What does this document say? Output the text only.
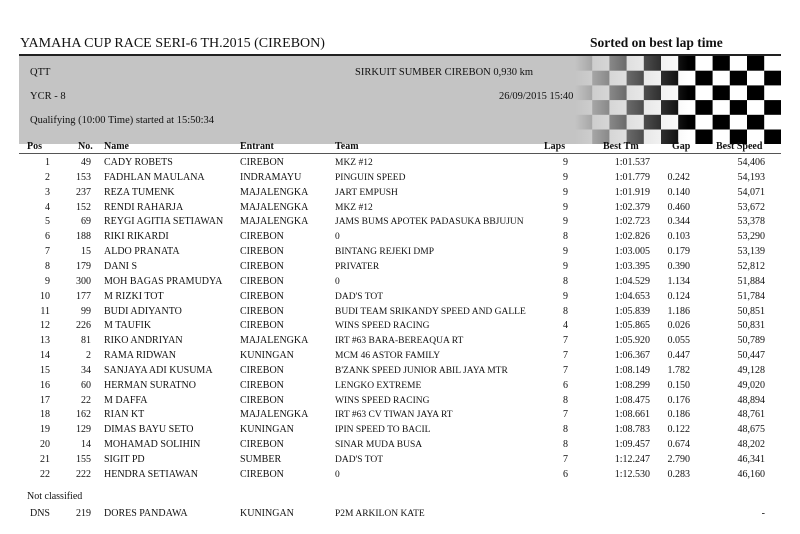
YAMAHA CUP RACE SERI-6 TH.2015 (CIREBON)	Sorted on best lap time
QTT	SIRKUIT SUMBER CIREBON 0,930 km
YCR - 8	26/09/2015 15:40
Qualifying (10:00 Time) started at 15:50:34
Pos	No. Name	Entrant	Team	Laps	Best Tm	Gap	Best Speed
1	49 CADY ROBETS	CIREBON	MKZ #12	9	1:01.537	54,406
2	153 FADHLAN MAULANA	INDRAMAYU	PINGUIN SPEED	9	1:01.779	0.242	54,193
3	237 REZA TUMENK	MAJALENGKA	JART EMPUSH	9	1:01.919	0.140	54,071
4	152 RENDI RAHARJA	MAJALENGKA	MKZ #12	9	1:02.379	0.460	53,672
5	69 REYGI AGITIA SETIAWAN	MAJALENGKA	JAMS BUMS APOTEK PADASUKA BBJUJUN	9	1:02.723	0.344	53,378
6	188 RIKI RIKARDI	CIREBON	0	8	1:02.826	0.103	53,290
7	15 ALDO PRANATA	CIREBON	BINTANG REJEKI DMP	9	1:03.005	0.179	53,139
8	179 DANI S	CIREBON	PRIVATER	9	1:03.395	0.390	52,812
9	300 MOH BAGAS PRAMUDYA	CIREBON	0	8	1:04.529	1.134	51,884
10	177 M RIZKI TOT	CIREBON	DAD'S TOT	9	1:04.653	0.124	51,784
11	99 BUDI ADIYANTO	CIREBON	BUDI TEAM SRIKANDY SPEED AND GALLE	8	1:05.839	1.186	50,851
12	226 M TAUFIK	CIREBON	WINS SPEED RACING	4	1:05.865	0.026	50,831
13	81 RIKO ANDRIYAN	MAJALENGKA	IRT #63 BARA-BEREAQUA RT	7	1:05.920	0.055	50,789
14	2 RAMA RIDWAN	KUNINGAN	MCM 46 ASTOR FAMILY	7	1:06.367	0.447	50,447
15	34 SANJAYA ADI KUSUMA	CIREBON	B'ZANK SPEED JUNIOR ABIL JAYA MTR	7	1:08.149	1.782	49,128
16	60 HERMAN SURATNO	CIREBON	LENGKO EXTREME	6	1:08.299	0.150	49,020
17	22 M DAFFA	CIREBON	WINS SPEED RACING	8	1:08.475	0.176	48,894
18	162 RIAN KT	MAJALENGKA	IRT #63 CV TIWAN JAYA RT	7	1:08.661	0.186	48,761
19	129 DIMAS BAYU SETO	KUNINGAN	IPIN SPEED TO BACIL	8	1:08.783	0.122	48,675
20	14 MOHAMAD SOLIHIN	CIREBON	SINAR MUDA BUSA	8	1:09.457	0.674	48,202
21	155 SIGIT PD	SUMBER	DAD'S TOT	7	1:12.247	2.790	46,341
22	222 HENDRA SETIAWAN	CIREBON	0	6	1:12.530	0.283	46,160
Not classified
DNS	219 DORES PANDAWA	KUNINGAN	P2M ARKILON KATE	-
